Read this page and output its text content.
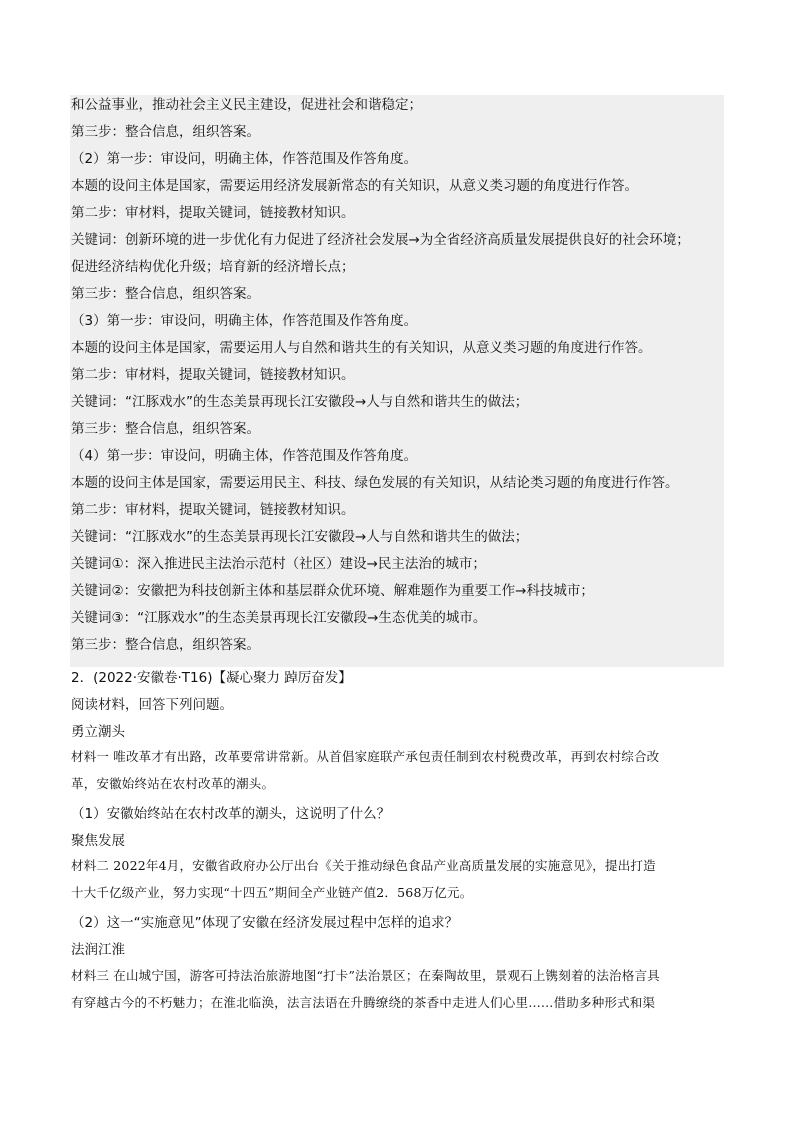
和公益事业，推动社会主义民主建设，促进社会和谐稳定；
第三步：整合信息，组织答案。
（2）第一步：审设问，明确主体，作答范围及作答角度。
本题的设问主体是国家，需要运用经济发展新常态的有关知识，从意义类习题的角度进行作答。
第二步：审材料，提取关键词，链接教材知识。
关键词：创新环境的进一步优化有力促进了经济社会发展→为全省经济高质量发展提供良好的社会环境；
促进经济结构优化升级；培育新的经济增长点；
第三步：整合信息，组织答案。
（3）第一步：审设问，明确主体，作答范围及作答角度。
本题的设问主体是国家，需要运用人与自然和谐共生的有关知识，从意义类习题的角度进行作答。
第二步：审材料，提取关键词，链接教材知识。
关键词：“江豚戏水”的生态美景再现长江安徽段→人与自然和谐共生的做法；
第三步：整合信息，组织答案。
（4）第一步：审设问，明确主体，作答范围及作答角度。
本题的设问主体是国家，需要运用民主、科技、绿色发展的有关知识，从结论类习题的角度进行作答。
第二步：审材料，提取关键词，链接教材知识。
关键词：“江豚戏水”的生态美景再现长江安徽段→人与自然和谐共生的做法；
关键词①：深入推进民主法治示范村（社区）建设→民主法治的城市；
关键词②：安徽把为科技创新主体和基层群众优环境、解难题作为重要工作→科技城市；
关键词③：“江豚戏水”的生态美景再现长江安徽段→生态优美的城市。
第三步：整合信息，组织答案。
2．(2022·安徽卷·T16)【凝心聚力 踔厉奋发】
阅读材料，回答下列问题。
勇立潮头
材料一 唯改革才有出路，改革要常讲常新。从首倡家庭联产承包责任制到农村税费改革，再到农村综合改
革，安徽始终站在农村改革的潮头。
（1）安徽始终站在农村改革的潮头，这说明了什么？
聚焦发展
材料二 2022年4月，安徽省政府办公厅出台《关于推动绿色食品产业高质量发展的实施意见》，提出打造
十大千亿级产业，努力实现“十四五”期间全产业链产值2．568万亿元。
（2）这一“实施意见”体现了安徽在经济发展过程中怎样的追求？
法润江淮
材料三 在山城宁国，游客可持法治旅游地图“打卡”法治景区；在秦陶故里，景观石上镌刻着的法治格言具
有穿越古今的不朽魅力；在淮北临涣，法言法语在升腾缭绕的茶香中走进人们心里……借助多种形式和渠
